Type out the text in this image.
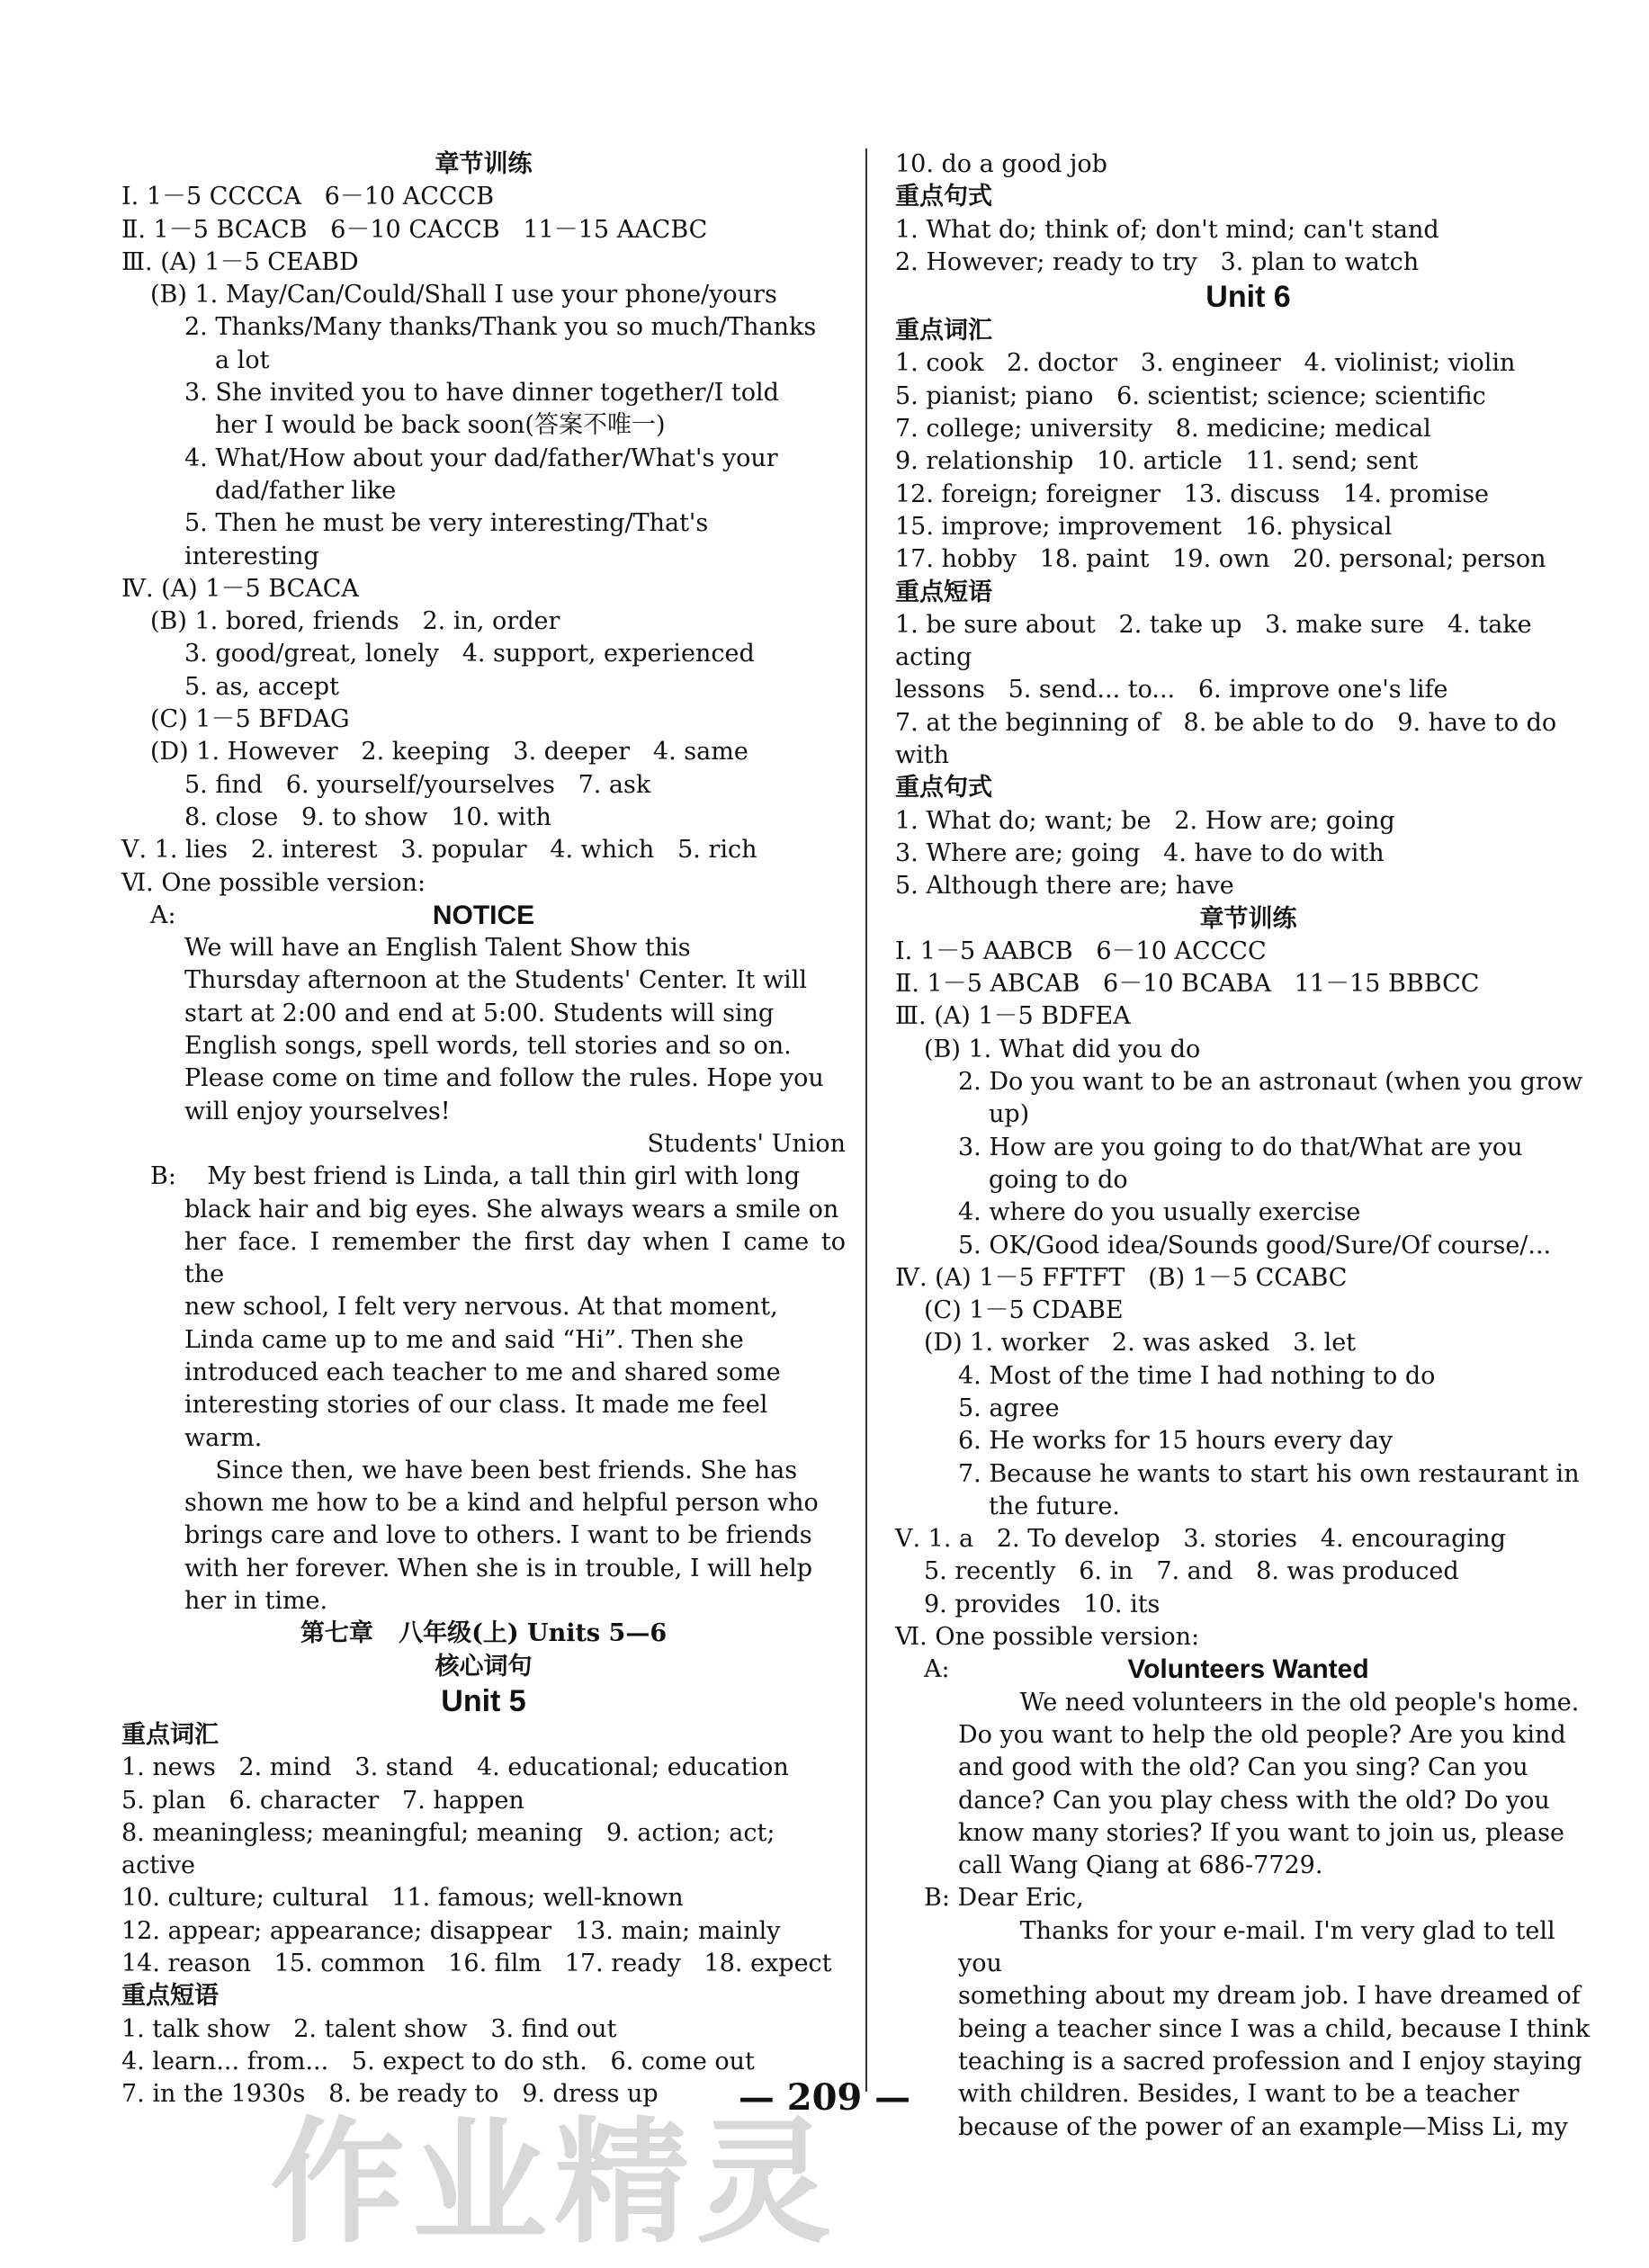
章节训练
Ⅰ. 1－5 CCCCA   6－10 ACCCB
Ⅱ. 1－5 BCACB   6－10 CACCB   11－15 AACBC
Ⅲ. (A) 1－5 CEABD
(B) 1. May/Can/Could/Shall I use your phone/yours
2. Thanks/Many thanks/Thank you so much/Thanks
a lot
3. She invited you to have dinner together/I told
her I would be back soon(答案不唯一)
4. What/How about your dad/father/What's your
dad/father like
5. Then he must be very interesting/That's interesting
Ⅳ. (A) 1－5 BCACA
(B) 1. bored, friends   2. in, order
3. good/great, lonely   4. support, experienced
5. as, accept
(C) 1－5 BFDAG
(D) 1. However   2. keeping   3. deeper   4. same
5. find   6. yourself/yourselves   7. ask
8. close   9. to show   10. with
Ⅴ. 1. lies   2. interest   3. popular   4. which   5. rich
Ⅵ. One possible version:
A:	NOTICE
We will have an English Talent Show this
Thursday afternoon at the Students' Center. It will
start at 2:00 and end at 5:00. Students will sing
English songs, spell words, tell stories and so on.
Please come on time and follow the rules. Hope you
will enjoy yourselves!
Students' Union
B:    My best friend is Linda, a tall thin girl with long
black hair and big eyes. She always wears a smile on
her face. I remember the first day when I came to the
new school, I felt very nervous. At that moment,
Linda came up to me and said “Hi”. Then she
introduced each teacher to me and shared some
interesting stories of our class. It made me feel
warm.
Since then, we have been best friends. She has
shown me how to be a kind and helpful person who
brings care and love to others. I want to be friends
with her forever. When she is in trouble, I will help
her in time.
第七章   八年级(上) Units 5—6
核心词句
Unit 5
重点词汇
1. news   2. mind   3. stand   4. educational; education
5. plan   6. character   7. happen
8. meaningless; meaningful; meaning   9. action; act; active
10. culture; cultural   11. famous; well-known
12. appear; appearance; disappear   13. main; mainly
14. reason   15. common   16. film   17. ready   18. expect
重点短语
1. talk show   2. talent show   3. find out
4. learn... from...   5. expect to do sth.   6. come out
7. in the 1930s   8. be ready to   9. dress up
10. do a good job
重点句式
1. What do; think of; don't mind; can't stand
2. However; ready to try   3. plan to watch
Unit 6
重点词汇
1. cook   2. doctor   3. engineer   4. violinist; violin
5. pianist; piano   6. scientist; science; scientific
7. college; university   8. medicine; medical
9. relationship   10. article   11. send; sent
12. foreign; foreigner   13. discuss   14. promise
15. improve; improvement   16. physical
17. hobby   18. paint   19. own   20. personal; person
重点短语
1. be sure about   2. take up   3. make sure   4. take acting
lessons   5. send... to...   6. improve one's life
7. at the beginning of   8. be able to do   9. have to do with
重点句式
1. What do; want; be   2. How are; going
3. Where are; going   4. have to do with
5. Although there are; have
章节训练
Ⅰ. 1－5 AABCB   6－10 ACCCC
Ⅱ. 1－5 ABCAB   6－10 BCABA   11－15 BBBCC
Ⅲ. (A) 1－5 BDFEA
(B) 1. What did you do
2. Do you want to be an astronaut (when you grow
up)
3. How are you going to do that/What are you
going to do
4. where do you usually exercise
5. OK/Good idea/Sounds good/Sure/Of course/...
Ⅳ. (A) 1－5 FFTFT   (B) 1－5 CCABC
(C) 1－5 CDABE
(D) 1. worker   2. was asked   3. let
4. Most of the time I had nothing to do
5. agree
6. He works for 15 hours every day
7. Because he wants to start his own restaurant in
the future.
Ⅴ. 1. a   2. To develop   3. stories   4. encouraging
5. recently   6. in   7. and   8. was produced
9. provides   10. its
Ⅵ. One possible version:
A:	Volunteers Wanted
We need volunteers in the old people's home.
Do you want to help the old people? Are you kind
and good with the old? Can you sing? Can you
dance? Can you play chess with the old? Do you
know many stories? If you want to join us, please
call Wang Qiang at 686-7729.
B: Dear Eric,
Thanks for your e-mail. I'm very glad to tell you
something about my dream job. I have dreamed of
being a teacher since I was a child, because I think
teaching is a sacred profession and I enjoy staying
with children. Besides, I want to be a teacher
because of the power of an example—Miss Li, my
— 209 —
作业精灵
